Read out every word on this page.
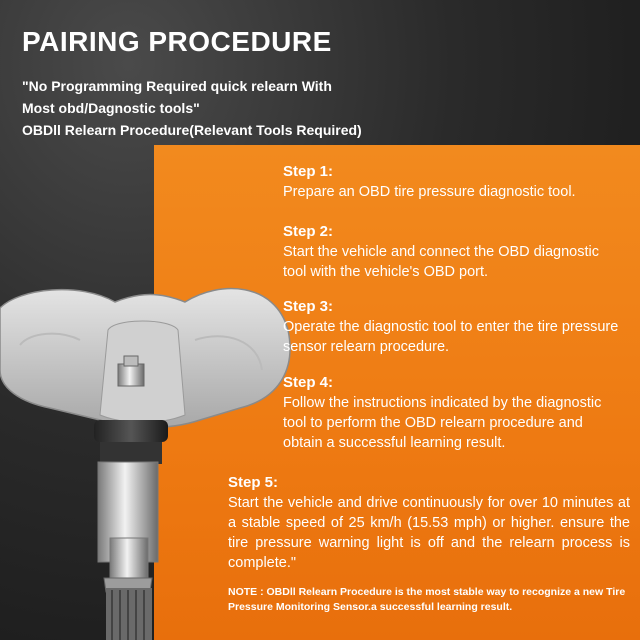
PAIRING PROCEDURE

"No Programming Required quick relearn With

Most obd/Dagnostic tools"

OBDll Relearn Procedure(Relevant Tools Required)

Step 1:
Prepare an OBD tire pressure diagnostic tool.

Step 2:
Start the vehicle and connect the OBD diagnostic tool with the vehicle's OBD port.

Step 3:
Operate the diagnostic tool to enter the tire pressure sensor relearn procedure.

Step 4:
Follow the instructions indicated by the diagnostic tool to perform the OBD relearn procedure and obtain a successful learning result.

Step 5:
Start the vehicle and drive continuously for over 10 minutes at a stable speed of 25 km/h (15.53 mph) or higher. ensure the tire pressure warning light is off and the relearn process is complete."

NOTE : OBDll Relearn Procedure is the most stable way to recognize a new Tire Pressure Monitoring Sensor.a successful learning result.
